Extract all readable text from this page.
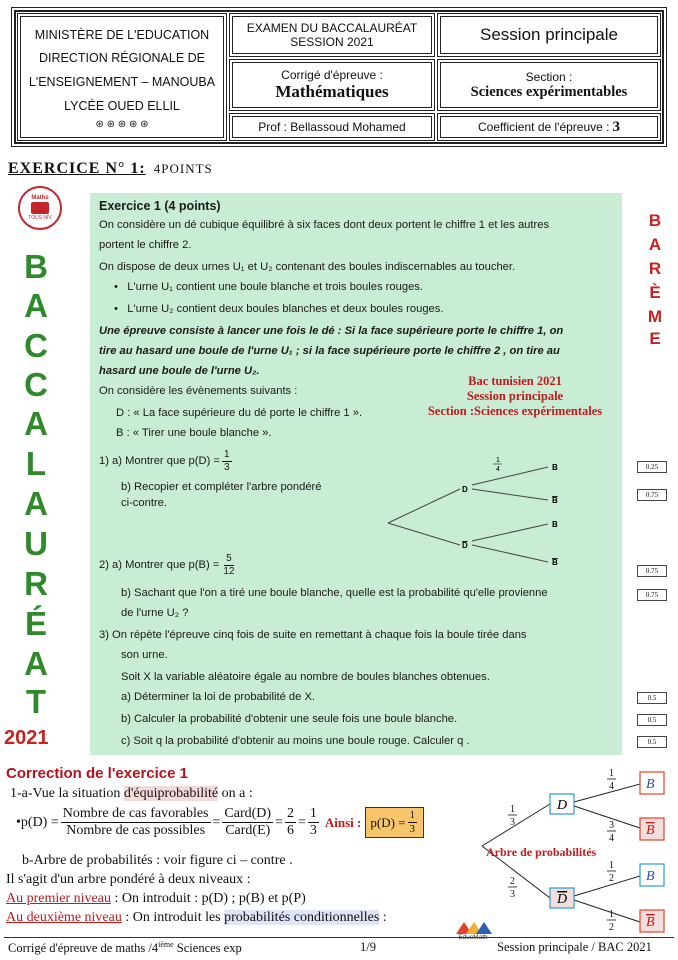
MINISTÈRE DE L'EDUCATION
DIRECTION RÉGIONALE DE
L'ENSEIGNEMENT – MANOUBA
LYCÉE OUED ELLIL
⊛ ⊛ ⊛ ⊛ ⊛
EXAMEN DU BACCALAURÉAT
SESSION 2021	Session principale
Corrigé d'épreuve :
Mathématiques
Section :
Sciences expérimentables
Prof : Bellassoud Mohamed	Coefficient de l'épreuve : 3
EXERCICE N° 1: 4POINTS
Maths
TOUS NIV
B
A
C
C
A
L
A
U
R
É
A
T
2021
B
A
R
È
M
E
Exercice 1 (4 points)
On considère un dé cubique équilibré à six faces dont deux portent le chiffre 1 et les autres
portent le chiffre 2.
On dispose de deux urnes U₁ et U₂ contenant des boules indiscernables au toucher.
•   L'urne U₁ contient une boule blanche et trois boules rouges.
•   L'urne U₂ contient deux boules blanches et deux boules rouges.
Une épreuve consiste à lancer une fois le dé : Si la face supérieure porte le chiffre 1, on
tire au hasard une boule de l'urne U₁ ; si la face supérieure porte le chiffre 2 , on tire au
hasard une boule de l'urne U₂.
On considère les évènements suivants :
D : « La face supérieure du dé porte le chiffre 1 ».
B : « Tirer une boule blanche ».
1) a) Montrer que $p(D) = \frac{1}{3}$
b) Recopier et compléter l'arbre pondéré
ci-contre.
1
4
D
D
B
B
B
B
2) a) Montrer que $p(B) = \frac{5}{12}$
b) Sachant que l'on a tiré une boule blanche, quelle est la probabilité qu'elle provienne
de l'urne U₂ ?
3) On répète l'épreuve cinq fois de suite en remettant à chaque fois la boule tirée dans
son urne.
Soit X la variable aléatoire égale au nombre de boules blanches obtenues.
a) Déterminer la loi de probabilité de X.
b) Calculer la probabilité d'obtenir une seule fois une boule blanche.
c) Soit q la probabilité d'obtenir au moins une boule rouge. Calculer q .
Bac tunisien 2021
Session principale
Section :Sciences expérimentales
0.25
0.75
0.75
0.75
0.5
0.5
0.5
Correction de l'exercice 1
1-a-Vue la situation d'équiprobabilité on a :
•p(D) = $\frac{\text{Nombre de cas favorables}}{\text{Nombre de cas possibles}} = \frac{\text{Card(D)}}{\text{Card(E)}} = \frac{2}{6} = \frac{1}{3}$ Ainsi : $p(D) = \frac{1}{3}$
b-Arbre de probabilités : voir figure ci – contre .
Il s'agit d'un arbre pondéré à deux niveaux :
Au premier niveau : On introduit : p(D) ; p(B) et p(P)
Au deuxième niveau : On introduit les probabilités conditionnelles :
D
D
B
B
B
B
1
3
2
3
1
4
3
4
1
2
1
2
Arbre de probabilités
Corrigé d'épreuve de maths /4ième Sciences exp	1/9	Session principale / BAC 2021
